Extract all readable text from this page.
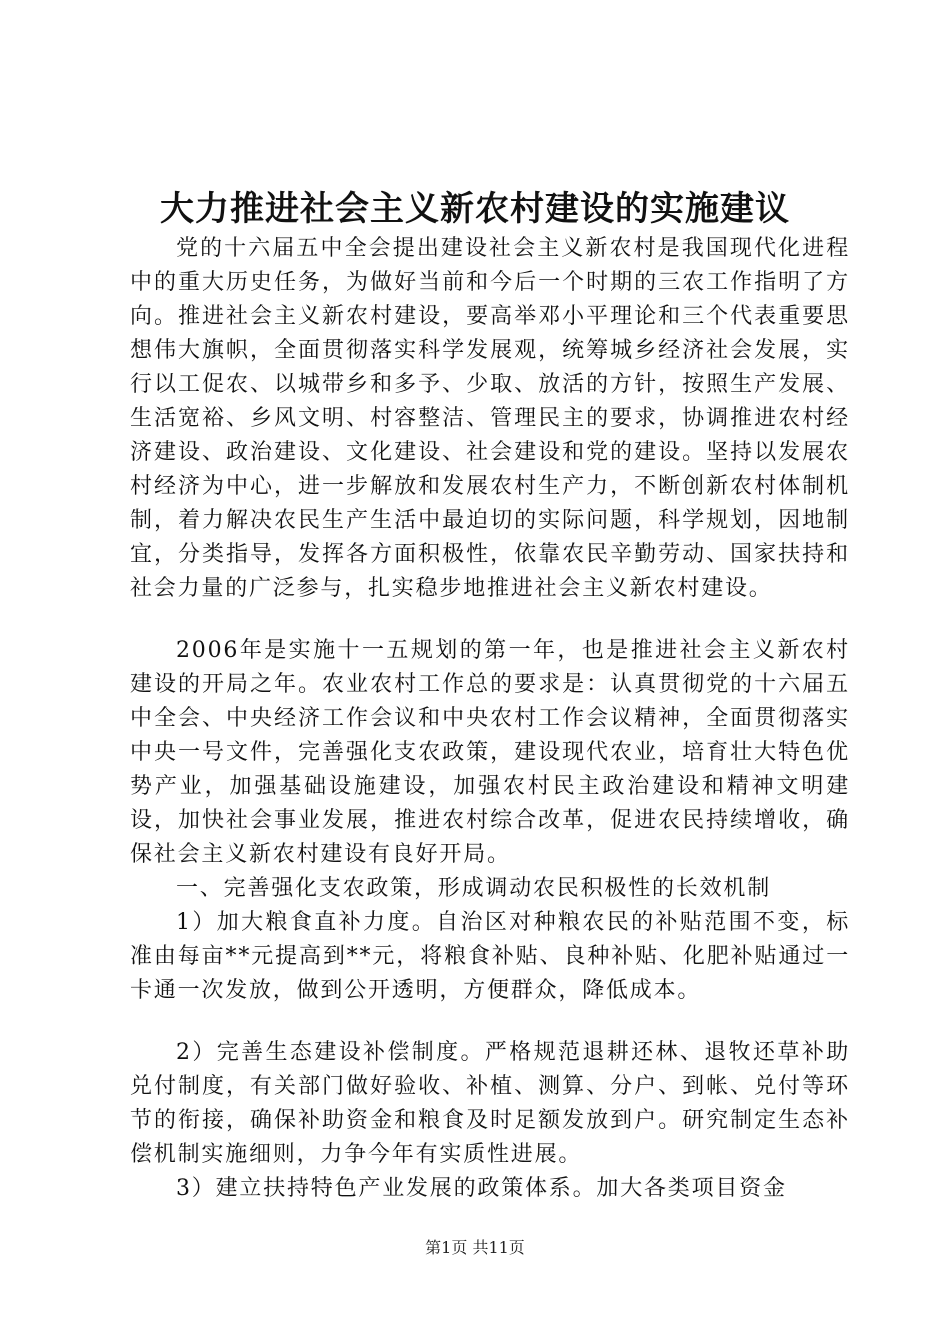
大力推进社会主义新农村建设的实施建议

党的十六届五中全会提出建设社会主义新农村是我国现代化进程中的重大历史任务，为做好当前和今后一个时期的三农工作指明了方向。推进社会主义新农村建设，要高举邓小平理论和三个代表重要思想伟大旗帜，全面贯彻落实科学发展观，统筹城乡经济社会发展，实行以工促农、以城带乡和多予、少取、放活的方针，按照生产发展、生活宽裕、乡风文明、村容整洁、管理民主的要求，协调推进农村经济建设、政治建设、文化建设、社会建设和党的建设。坚持以发展农村经济为中心，进一步解放和发展农村生产力，不断创新农村体制机制，着力解决农民生产生活中最迫切的实际问题，科学规划，因地制宜，分类指导，发挥各方面积极性，依靠农民辛勤劳动、国家扶持和社会力量的广泛参与，扎实稳步地推进社会主义新农村建设。

2006年是实施十一五规划的第一年，也是推进社会主义新农村建设的开局之年。农业农村工作总的要求是：认真贯彻党的十六届五中全会、中央经济工作会议和中央农村工作会议精神，全面贯彻落实中央一号文件，完善强化支农政策，建设现代农业，培育壮大特色优势产业，加强基础设施建设，加强农村民主政治建设和精神文明建设，加快社会事业发展，推进农村综合改革，促进农民持续增收，确保社会主义新农村建设有良好开局。

一、完善强化支农政策，形成调动农民积极性的长效机制

1）加大粮食直补力度。自治区对种粮农民的补贴范围不变，标准由每亩**元提高到**元，将粮食补贴、良种补贴、化肥补贴通过一卡通一次发放，做到公开透明，方便群众，降低成本。

2）完善生态建设补偿制度。严格规范退耕还林、退牧还草补助兑付制度，有关部门做好验收、补植、测算、分户、到帐、兑付等环节的衔接，确保补助资金和粮食及时足额发放到户。研究制定生态补偿机制实施细则，力争今年有实质性进展。

3）建立扶持特色产业发展的政策体系。加大各类项目资金

第1页 共11页
